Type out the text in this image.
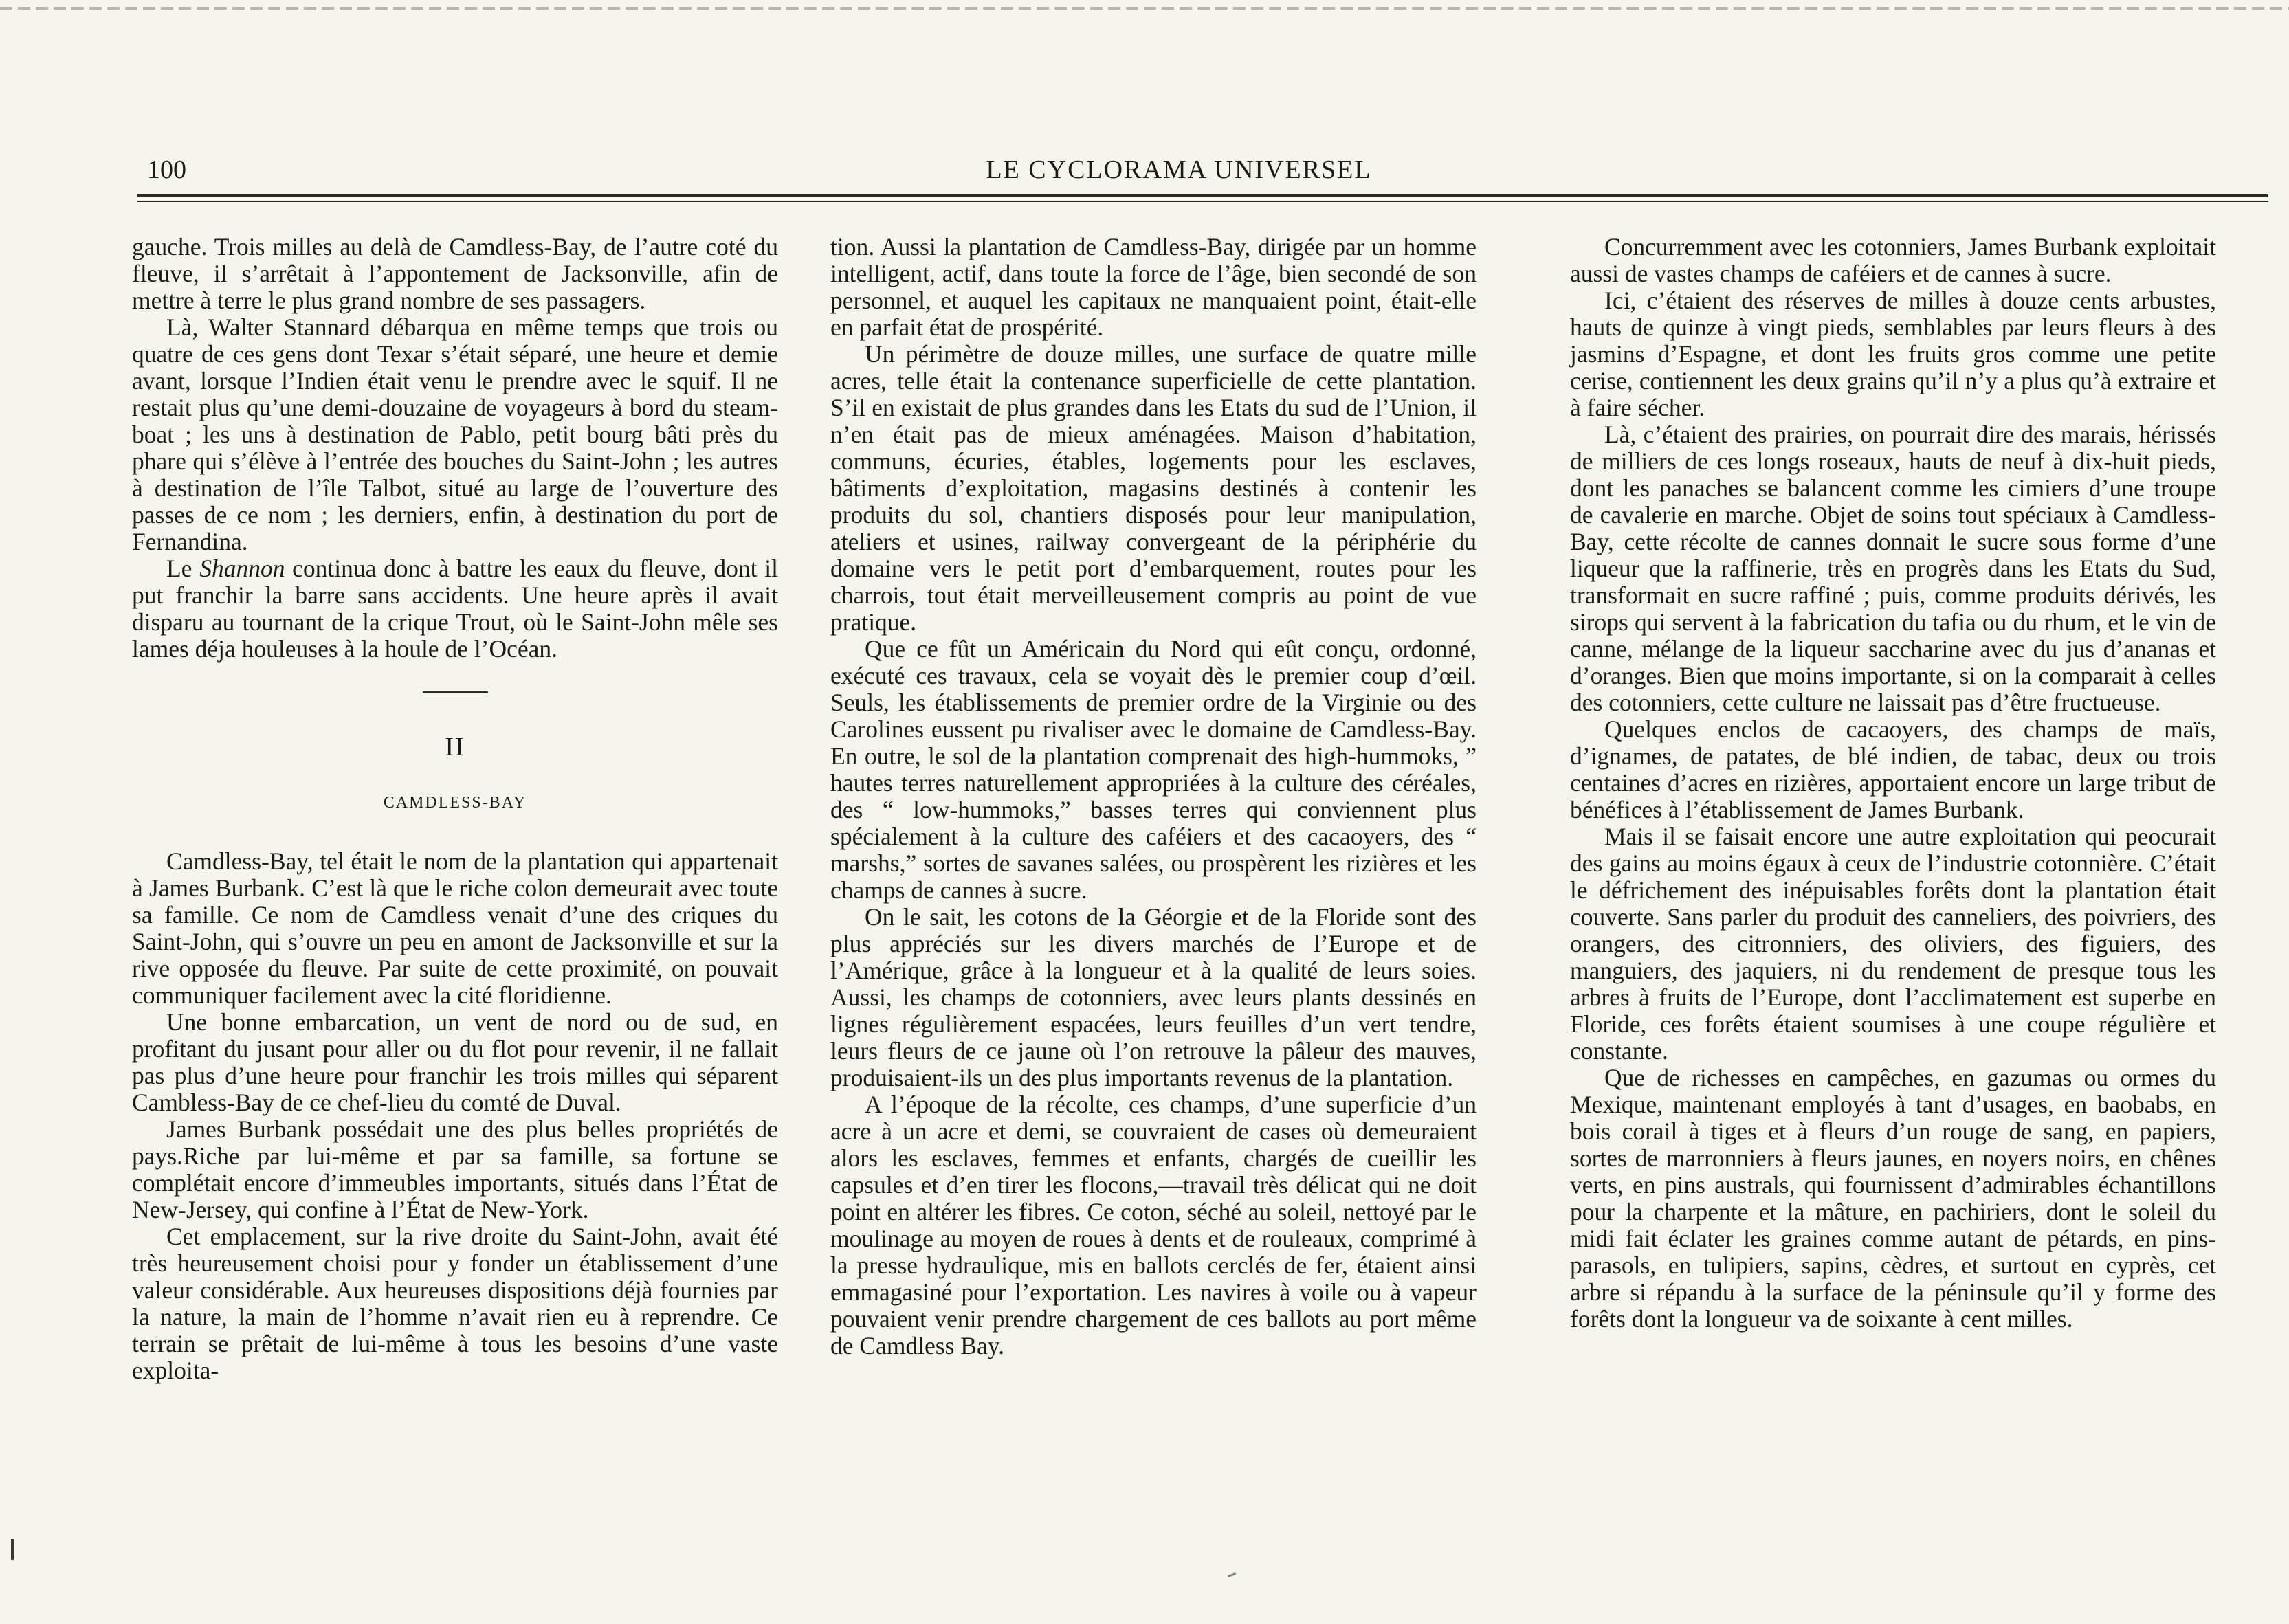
100	LE CYCLORAMA UNIVERSEL

gauche. Trois milles au delà de Camdless-Bay, de l’autre coté du fleuve, il s’arrêtait à l’appontement de Jacksonville, afin de mettre à terre le plus grand nombre de ses passagers.

Là, Walter Stannard débarqua en même temps que trois ou quatre de ces gens dont Texar s’était séparé, une heure et demie avant, lorsque l’Indien était venu le prendre avec le squif. Il ne restait plus qu’une demi-douzaine de voyageurs à bord du steam-boat ; les uns à destination de Pablo, petit bourg bâti près du phare qui s’élève à l’entrée des bouches du Saint-John ; les autres à destination de l’île Talbot, situé au large de l’ouverture des passes de ce nom ; les derniers, enfin, à destination du port de Fernandina.

Le Shannon continua donc à battre les eaux du fleuve, dont il put franchir la barre sans accidents. Une heure après il avait disparu au tournant de la crique Trout, où le Saint-John mêle ses lames déja houleuses à la houle de l’Océan.

II
CAMDLESS-BAY

Camdless-Bay, tel était le nom de la plantation qui appartenait à James Burbank. C’est là que le riche colon demeurait avec toute sa famille. Ce nom de Camdless venait d’une des criques du Saint-John, qui s’ouvre un peu en amont de Jacksonville et sur la rive opposée du fleuve. Par suite de cette proximité, on pouvait communiquer facilement avec la cité floridienne.

Une bonne embarcation, un vent de nord ou de sud, en profitant du jusant pour aller ou du flot pour revenir, il ne fallait pas plus d’une heure pour franchir les trois milles qui séparent Cambless-Bay de ce chef-lieu du comté de Duval.

James Burbank possédait une des plus belles propriétés de pays.Riche par lui-même et par sa famille, sa fortune se complétait encore d’immeubles importants, situés dans l’État de New-Jersey, qui confine à l’État de New-York.

Cet emplacement, sur la rive droite du Saint-John, avait été très heureusement choisi pour y fonder un établissement d’une valeur considérable. Aux heureuses dispositions déjà fournies par la nature, la main de l’homme n’avait rien eu à reprendre. Ce terrain se prêtait de lui-même à tous les besoins d’une vaste exploita-

tion. Aussi la plantation de Camdless-Bay, dirigée par un homme intelligent, actif, dans toute la force de l’âge, bien secondé de son personnel, et auquel les capitaux ne manquaient point, était-elle en parfait état de prospérité.

Un périmètre de douze milles, une surface de quatre mille acres, telle était la contenance superficielle de cette plantation. S’il en existait de plus grandes dans les Etats du sud de l’Union, il n’en était pas de mieux aménagées. Maison d’habitation, communs, écuries, étables, logements pour les esclaves, bâtiments d’exploitation, magasins destinés à contenir les produits du sol, chantiers disposés pour leur manipulation, ateliers et usines, railway convergeant de la périphérie du domaine vers le petit port d’embarquement, routes pour les charrois, tout était merveilleusement compris au point de vue pratique.

Que ce fût un Américain du Nord qui eût conçu, ordonné, exécuté ces travaux, cela se voyait dès le premier coup d’œil. Seuls, les établissements de premier ordre de la Virginie ou des Carolines eussent pu rivaliser avec le domaine de Camdless-Bay. En outre, le sol de la plantation comprenait des high-hummoks, ” hautes terres naturellement appropriées à la culture des céréales, des “ low-hummoks,” basses terres qui conviennent plus spécialement à la culture des caféiers et des cacaoyers, des “ marshs,” sortes de savanes salées, ou prospèrent les rizières et les champs de cannes à sucre.

On le sait, les cotons de la Géorgie et de la Floride sont des plus appréciés sur les divers marchés de l’Europe et de l’Amérique, grâce à la longueur et à la qualité de leurs soies. Aussi, les champs de cotonniers, avec leurs plants dessinés en lignes régulièrement espacées, leurs feuilles d’un vert tendre, leurs fleurs de ce jaune où l’on retrouve la pâleur des mauves, produisaient-ils un des plus importants revenus de la plantation.

A l’époque de la récolte, ces champs, d’une superficie d’un acre à un acre et demi, se couvraient de cases où demeuraient alors les esclaves, femmes et enfants, chargés de cueillir les capsules et d’en tirer les flocons,—travail très délicat qui ne doit point en altérer les fibres. Ce coton, séché au soleil, nettoyé par le moulinage au moyen de roues à dents et de rouleaux, comprimé à la presse hydraulique, mis en ballots cerclés de fer, étaient ainsi emmagasiné pour l’exportation. Les navires à voile ou à vapeur pouvaient venir prendre chargement de ces ballots au port même de Camdless Bay.

Concurremment avec les cotonniers, James Burbank exploitait aussi de vastes champs de caféiers et de cannes à sucre.

Ici, c’étaient des réserves de milles à douze cents arbustes, hauts de quinze à vingt pieds, semblables par leurs fleurs à des jasmins d’Espagne, et dont les fruits gros comme une petite cerise, contiennent les deux grains qu’il n’y a plus qu’à extraire et à faire sécher.

Là, c’étaient des prairies, on pourrait dire des marais, hérissés de milliers de ces longs roseaux, hauts de neuf à dix-huit pieds, dont les panaches se balancent comme les cimiers d’une troupe de cavalerie en marche. Objet de soins tout spéciaux à Camdless-Bay, cette récolte de cannes donnait le sucre sous forme d’une liqueur que la raffinerie, très en progrès dans les Etats du Sud, transformait en sucre raffiné ; puis, comme produits dérivés, les sirops qui servent à la fabrication du tafia ou du rhum, et le vin de canne, mélange de la liqueur saccharine avec du jus d’ananas et d’oranges. Bien que moins importante, si on la comparait à celles des cotonniers, cette culture ne laissait pas d’être fructueuse.

Quelques enclos de cacaoyers, des champs de maïs, d’ignames, de patates, de blé indien, de tabac, deux ou trois centaines d’acres en rizières, apportaient encore un large tribut de bénéfices à l’établissement de James Burbank.

Mais il se faisait encore une autre exploitation qui peocurait des gains au moins égaux à ceux de l’industrie cotonnière. C’était le défrichement des inépuisables forêts dont la plantation était couverte. Sans parler du produit des canneliers, des poivriers, des orangers, des citronniers, des oliviers, des figuiers, des manguiers, des jaquiers, ni du rendement de presque tous les arbres à fruits de l’Europe, dont l’acclimatement est superbe en Floride, ces forêts étaient soumises à une coupe régulière et constante.

Que de richesses en campêches, en gazumas ou ormes du Mexique, maintenant employés à tant d’usages, en baobabs, en bois corail à tiges et à fleurs d’un rouge de sang, en papiers, sortes de marronniers à fleurs jaunes, en noyers noirs, en chênes verts, en pins australs, qui fournissent d’admirables échantillons pour la charpente et la mâture, en pachiriers, dont le soleil du midi fait éclater les graines comme autant de pétards, en pins-parasols, en tulipiers, sapins, cèdres, et surtout en cyprès, cet arbre si répandu à la surface de la péninsule qu’il y forme des forêts dont la longueur va de soixante à cent milles.
